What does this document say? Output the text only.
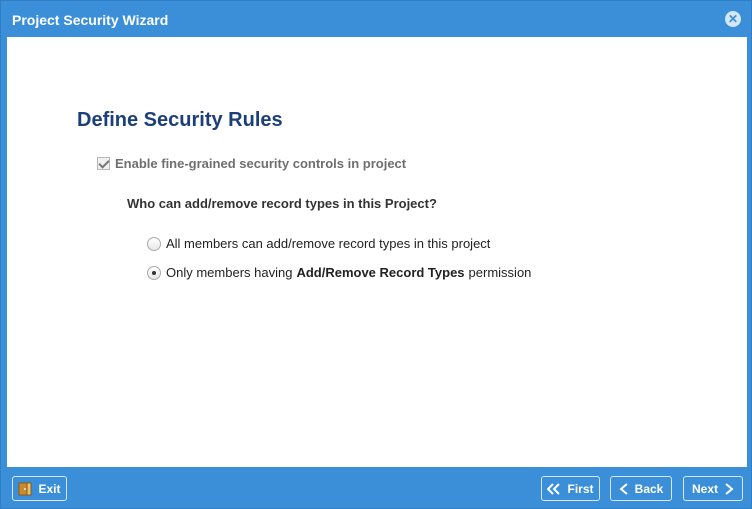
Project Security Wizard	✕
Define Security Rules
Enable fine-grained security controls in project
Who can add/remove record types in this Project?
All members can add/remove record types in this project
Only members having Add/Remove Record Types permission
Exit	First	Back Next
